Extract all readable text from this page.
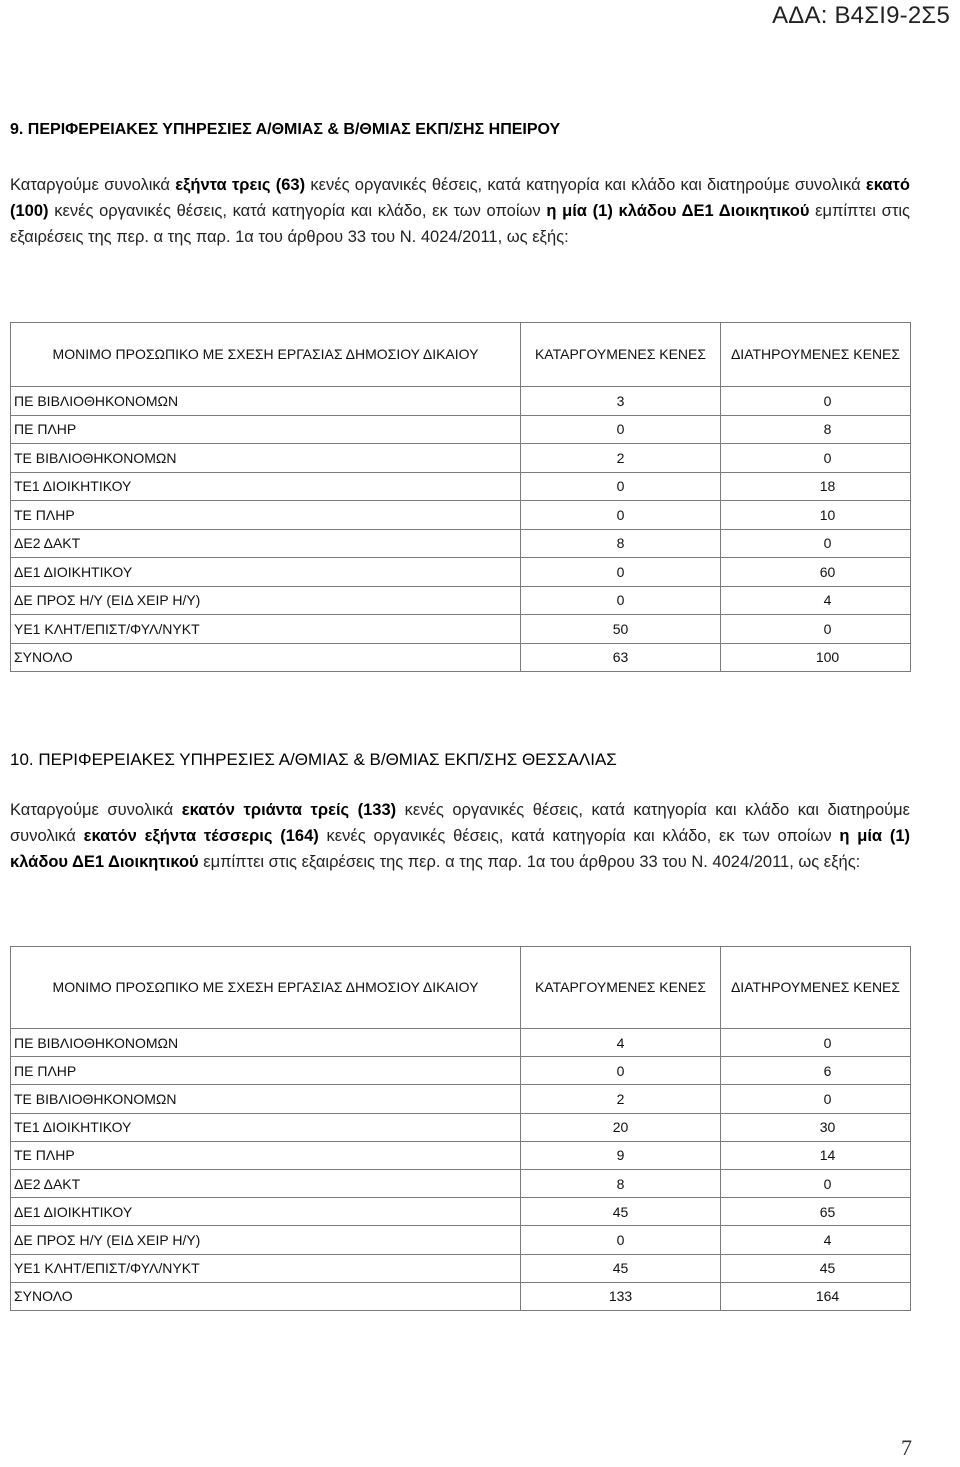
ΑΔΑ: Β4ΣΙ9-2Σ5
9. ΠΕΡΙΦΕΡΕΙΑΚΕΣ ΥΠΗΡΕΣΙΕΣ Α/ΘΜΙΑΣ & Β/ΘΜΙΑΣ ΕΚΠ/ΣΗΣ ΗΠΕΙΡΟΥ
Καταργούμε συνολικά εξήντα τρεις (63) κενές οργανικές θέσεις, κατά κατηγορία και κλάδο και διατηρούμε συνολικά εκατό (100) κενές οργανικές θέσεις, κατά κατηγορία και κλάδο, εκ των οποίων η μία (1) κλάδου ΔΕ1 Διοικητικού εμπίπτει στις εξαιρέσεις της περ. α της παρ. 1α του άρθρου 33 του Ν. 4024/2011, ως εξής:
ΜΟΝΙΜΟ ΠΡΟΣΩΠΙΚΟ ΜΕ ΣΧΕΣΗ ΕΡΓΑΣΙΑΣ ΔΗΜΟΣΙΟΥ ΔΙΚΑΙΟΥ	ΚΑΤΑΡΓΟΥΜΕΝΕΣ ΚΕΝΕΣ	ΔΙΑΤΗΡΟΥΜΕΝΕΣ ΚΕΝΕΣ
ΠΕ ΒΙΒΛΙΟΘΗΚΟΝΟΜΩΝ	3	0
ΠΕ ΠΛΗΡ	0	8
ΤΕ ΒΙΒΛΙΟΘΗΚΟΝΟΜΩΝ	2	0
ΤΕ1 ΔΙΟΙΚΗΤΙΚΟΥ	0	18
ΤΕ ΠΛΗΡ	0	10
ΔΕ2 ΔΑΚΤ	8	0
ΔΕ1 ΔΙΟΙΚΗΤΙΚΟΥ	0	60
ΔΕ ΠΡΟΣ Η/Υ (ΕΙΔ ΧΕΙΡ Η/Υ)	0	4
ΥΕ1 ΚΛΗΤ/ΕΠΙΣΤ/ΦΥΛ/ΝΥΚΤ	50	0
ΣΥΝΟΛΟ	63	100
10. ΠΕΡΙΦΕΡΕΙΑΚΕΣ ΥΠΗΡΕΣΙΕΣ Α/ΘΜΙΑΣ & Β/ΘΜΙΑΣ ΕΚΠ/ΣΗΣ ΘΕΣΣΑΛΙΑΣ
Καταργούμε συνολικά εκατόν τριάντα τρείς (133) κενές οργανικές θέσεις, κατά κατηγορία και κλάδο και διατηρούμε συνολικά εκατόν εξήντα τέσσερις (164) κενές οργανικές θέσεις, κατά κατηγορία και κλάδο, εκ των οποίων η μία (1) κλάδου ΔΕ1 Διοικητικού εμπίπτει στις εξαιρέσεις της περ. α της παρ. 1α του άρθρου 33 του Ν. 4024/2011, ως εξής:
ΜΟΝΙΜΟ ΠΡΟΣΩΠΙΚΟ ΜΕ ΣΧΕΣΗ ΕΡΓΑΣΙΑΣ ΔΗΜΟΣΙΟΥ ΔΙΚΑΙΟΥ	ΚΑΤΑΡΓΟΥΜΕΝΕΣ ΚΕΝΕΣ	ΔΙΑΤΗΡΟΥΜΕΝΕΣ ΚΕΝΕΣ
ΠΕ ΒΙΒΛΙΟΘΗΚΟΝΟΜΩΝ	4	0
ΠΕ ΠΛΗΡ	0	6
ΤΕ ΒΙΒΛΙΟΘΗΚΟΝΟΜΩΝ	2	0
ΤΕ1 ΔΙΟΙΚΗΤΙΚΟΥ	20	30
ΤΕ ΠΛΗΡ	9	14
ΔΕ2 ΔΑΚΤ	8	0
ΔΕ1 ΔΙΟΙΚΗΤΙΚΟΥ	45	65
ΔΕ ΠΡΟΣ Η/Υ (ΕΙΔ ΧΕΙΡ Η/Υ)	0	4
ΥΕ1 ΚΛΗΤ/ΕΠΙΣΤ/ΦΥΛ/ΝΥΚΤ	45	45
ΣΥΝΟΛΟ	133	164
7
